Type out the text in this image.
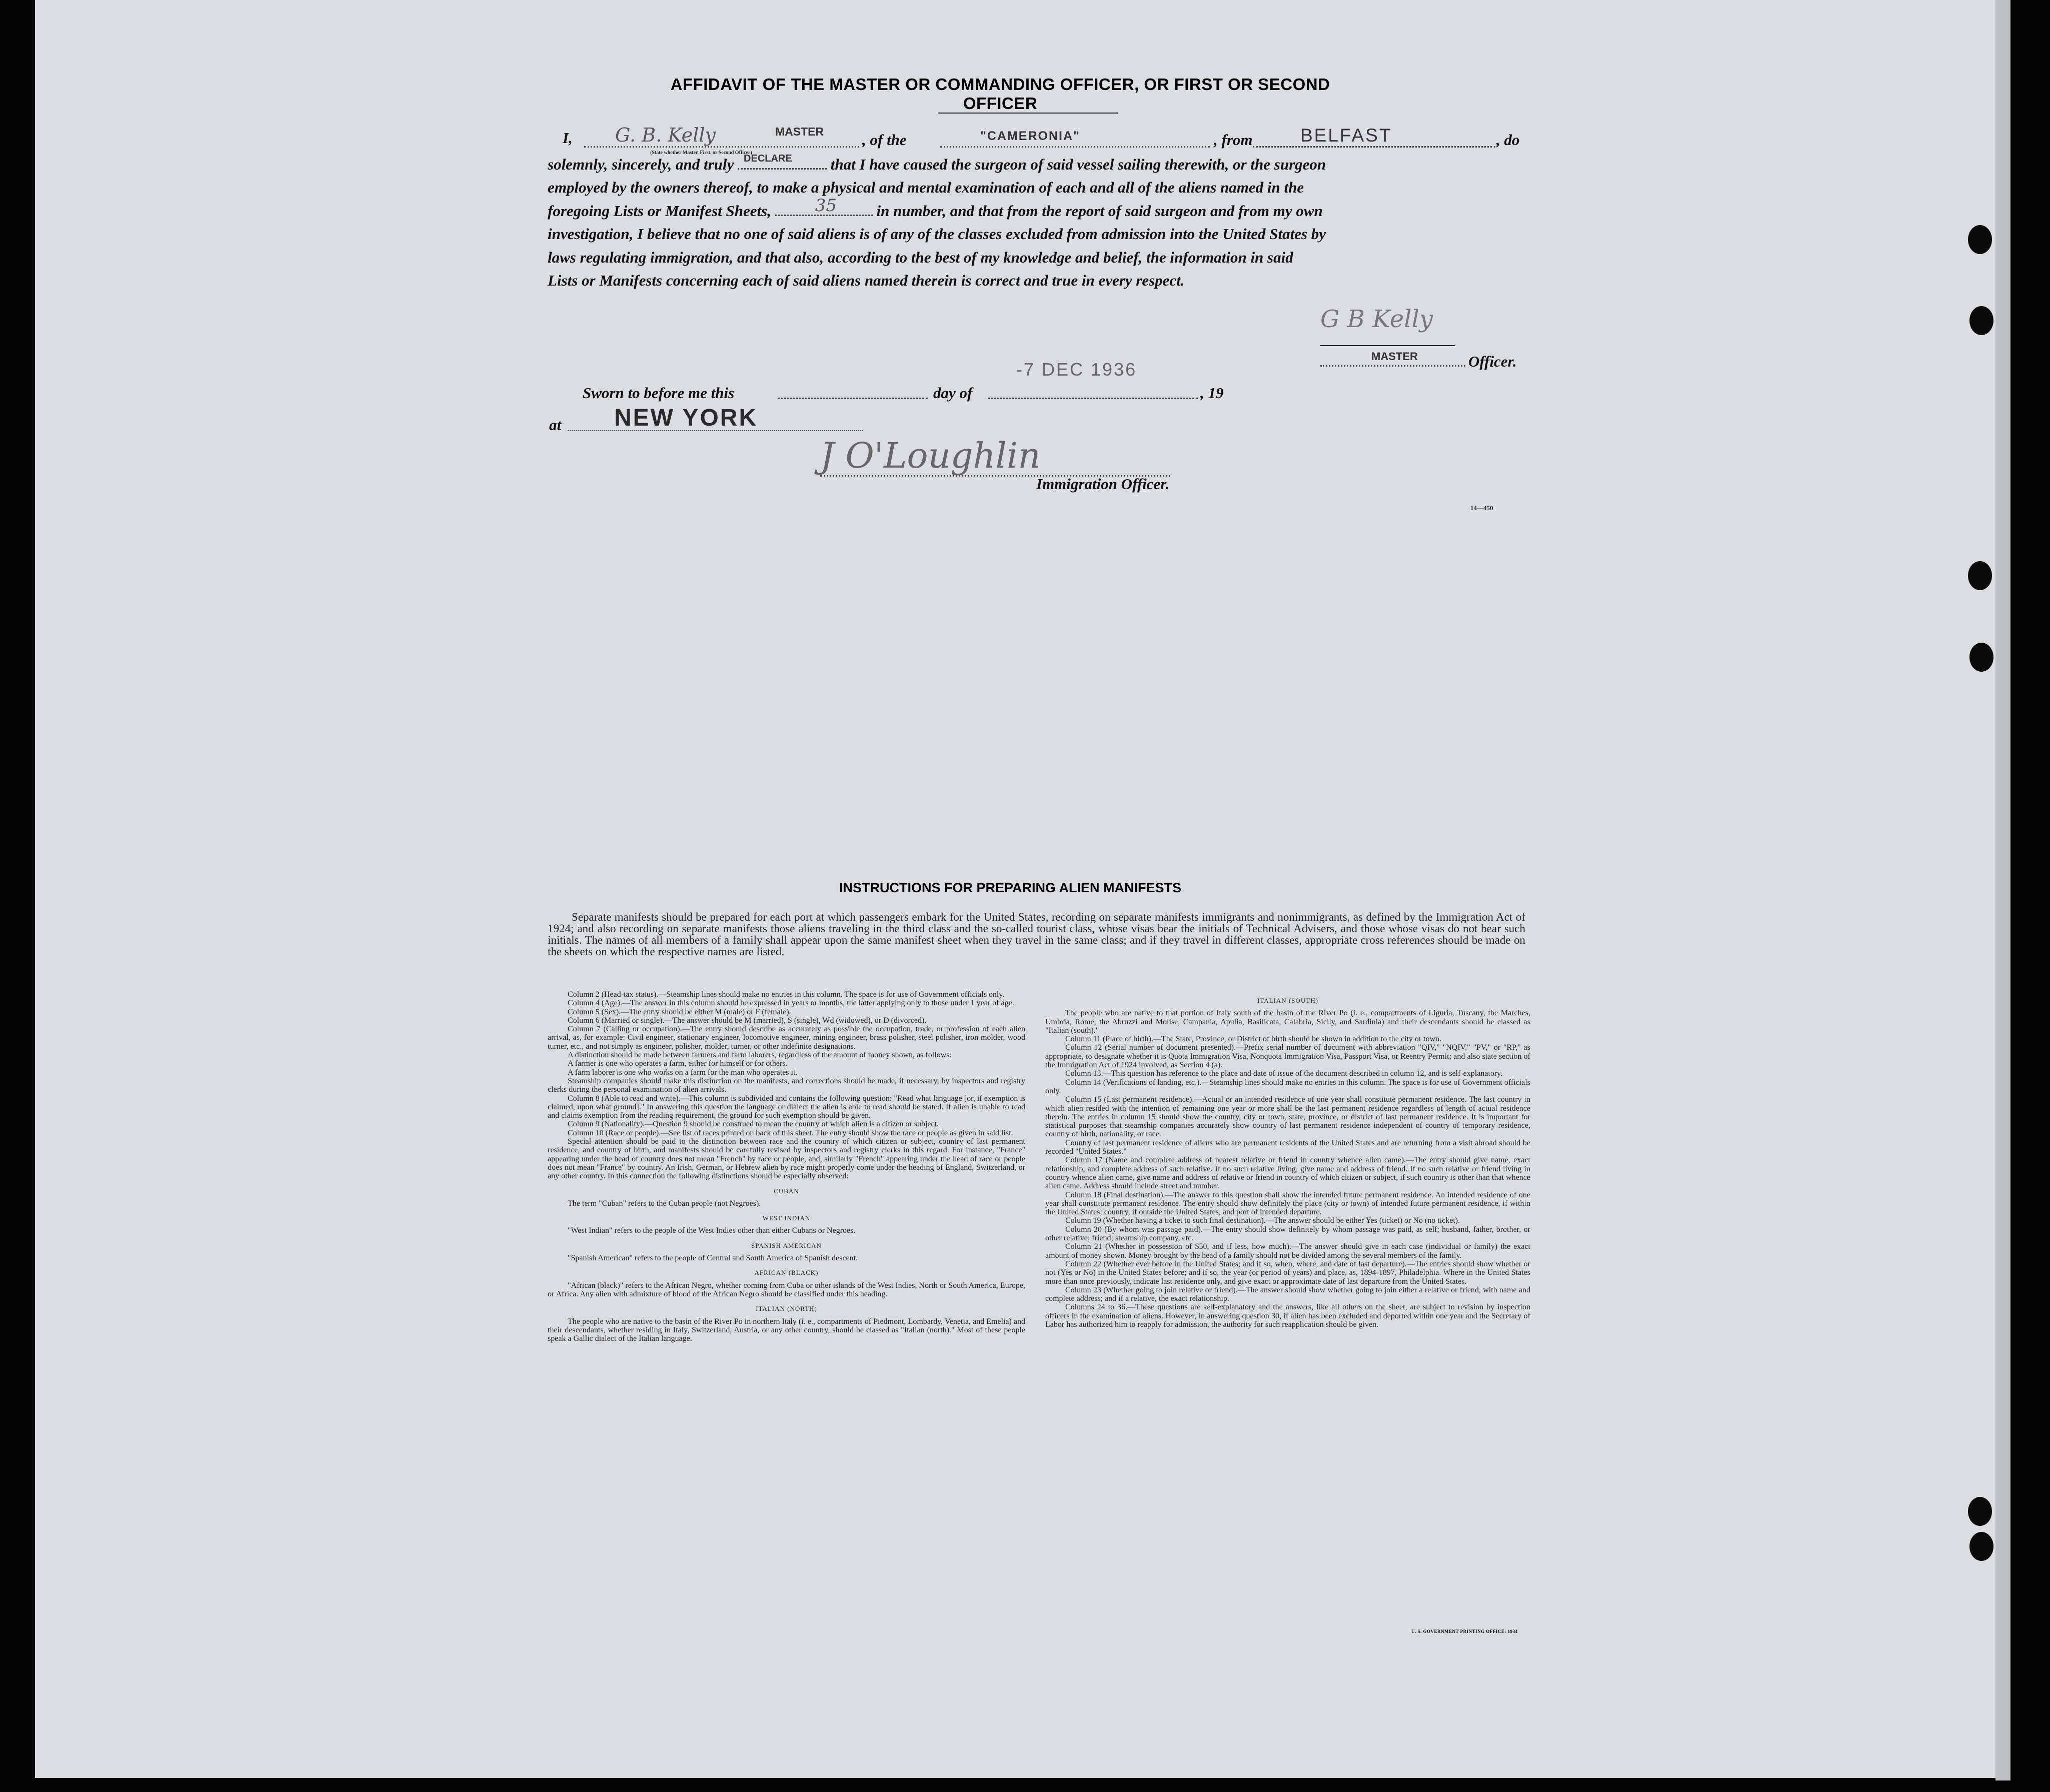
AFFIDAVIT OF THE MASTER OR COMMANDING OFFICER, OR FIRST OR SECOND OFFICER
I, G. B. Kelly	MASTER
(State whether Master, First, or Second Officer)
, of the	"CAMERONIA"	, from	BELFAST	, do
solemnly, sincerely, and truly DECLARE that I have caused the surgeon of said vessel sailing therewith, or the surgeon
employed by the owners thereof, to make a physical and mental examination of each and all of the aliens named in the
foregoing Lists or Manifest Sheets,	35	in number, and that from the report of said surgeon and from my own
investigation, I believe that no one of said aliens is of any of the classes excluded from admission into the United States by
laws regulating immigration, and that also, according to the best of my knowledge and belief, the information in said
Lists or Manifests concerning each of said aliens named therein is correct and true in every respect.
G B Kelly
MASTER	Officer.
Sworn to before me this	day of
-7 DEC 1936
, 19
at NEW YORK
J O'Loughlin
Immigration Officer.
14—450
INSTRUCTIONS FOR PREPARING ALIEN MANIFESTS
Separate manifests should be prepared for each port at which passengers embark for the United States, recording on separate manifests immigrants and nonimmigrants, as defined by the Immigration Act of 1924; and also recording on separate manifests those aliens traveling in the third class and the so-called tourist class, whose visas bear the initials of Technical Advisers, and those whose visas do not bear such initials. The names of all members of a family shall appear upon the same manifest sheet when they travel in the same class; and if they travel in different classes, appropriate cross references should be made on the sheets on which the respective names are listed.

Column 2 (Head-tax status).—Steamship lines should make no entries in this column. The space is for use of Government officials only.

Column 4 (Age).—The answer in this column should be expressed in years or months, the latter applying only to those under 1 year of age.

Column 5 (Sex).—The entry should be either M (male) or F (female).

Column 6 (Married or single).—The answer should be M (married), S (single), Wd (widowed), or D (divorced).

Column 7 (Calling or occupation).—The entry should describe as accurately as possible the occupation, trade, or profession of each alien arrival, as, for example: Civil engineer, stationary engineer, locomotive engineer, mining engineer, brass polisher, steel polisher, iron molder, wood turner, etc., and not simply as engineer, polisher, molder, turner, or other indefinite designations.

A distinction should be made between farmers and farm laborers, regardless of the amount of money shown, as follows:

A farmer is one who operates a farm, either for himself or for others.

A farm laborer is one who works on a farm for the man who operates it.

Steamship companies should make this distinction on the manifests, and corrections should be made, if necessary, by inspectors and registry clerks during the personal examination of alien arrivals.

Column 8 (Able to read and write).—This column is subdivided and contains the following question: "Read what language [or, if exemption is claimed, upon what ground]." In answering this question the language or dialect the alien is able to read should be stated. If alien is unable to read and claims exemption from the reading requirement, the ground for such exemption should be given.

Column 9 (Nationality).—Question 9 should be construed to mean the country of which alien is a citizen or subject.

Column 10 (Race or people).—See list of races printed on back of this sheet. The entry should show the race or people as given in said list.

Special attention should be paid to the distinction between race and the country of which citizen or subject, country of last permanent residence, and country of birth, and manifests should be carefully revised by inspectors and registry clerks in this regard. For instance, "France" appearing under the head of country does not mean "French" by race or people, and, similarly "French" appearing under the head of race or people does not mean "France" by country. An Irish, German, or Hebrew alien by race might properly come under the heading of England, Switzerland, or any other country. In this connection the following distinctions should be especially observed:

CUBAN

The term "Cuban" refers to the Cuban people (not Negroes).

WEST INDIAN

"West Indian" refers to the people of the West Indies other than either Cubans or Negroes.

SPANISH AMERICAN

"Spanish American" refers to the people of Central and South America of Spanish descent.

AFRICAN (BLACK)

"African (black)" refers to the African Negro, whether coming from Cuba or other islands of the West Indies, North or South America, Europe, or Africa. Any alien with admixture of blood of the African Negro should be classified under this heading.

ITALIAN (NORTH)

The people who are native to the basin of the River Po in northern Italy (i. e., compartments of Piedmont, Lombardy, Venetia, and Emelia) and their descendants, whether residing in Italy, Switzerland, Austria, or any other country, should be classed as "Italian (north)." Most of these people speak a Gallic dialect of the Italian language.

ITALIAN (SOUTH)

The people who are native to that portion of Italy south of the basin of the River Po (i. e., compartments of Liguria, Tuscany, the Marches, Umbria, Rome, the Abruzzi and Molise, Campania, Apulia, Basilicata, Calabria, Sicily, and Sardinia) and their descendants should be classed as "Italian (south)."

Column 11 (Place of birth).—The State, Province, or District of birth should be shown in addition to the city or town.

Column 12 (Serial number of document presented).—Prefix serial number of document with abbreviation "QIV," "NQIV," "PV," or "RP," as appropriate, to designate whether it is Quota Immigration Visa, Nonquota Immigration Visa, Passport Visa, or Reentry Permit; and also state section of the Immigration Act of 1924 involved, as Section 4 (a).

Column 13.—This question has reference to the place and date of issue of the document described in column 12, and is self-explanatory.

Column 14 (Verifications of landing, etc.).—Steamship lines should make no entries in this column. The space is for use of Government officials only.

Column 15 (Last permanent residence).—Actual or an intended residence of one year shall constitute permanent residence. The last country in which alien resided with the intention of remaining one year or more shall be the last permanent residence regardless of length of actual residence therein. The entries in column 15 should show the country, city or town, state, province, or district of last permanent residence. It is important for statistical purposes that steamship companies accurately show country of last permanent residence independent of country of temporary residence, country of birth, nationality, or race.

Country of last permanent residence of aliens who are permanent residents of the United States and are returning from a visit abroad should be recorded "United States."

Column 17 (Name and complete address of nearest relative or friend in country whence alien came).—The entry should give name, exact relationship, and complete address of such relative. If no such relative living, give name and address of friend. If no such relative or friend living in country whence alien came, give name and address of relative or friend in country of which citizen or subject, if such country is other than that whence alien came. Address should include street and number.

Column 18 (Final destination).—The answer to this question shall show the intended future permanent residence. An intended residence of one year shall constitute permanent residence. The entry should show definitely the place (city or town) of intended future permanent residence, if within the United States; country, if outside the United States, and port of intended departure.

Column 19 (Whether having a ticket to such final destination).—The answer should be either Yes (ticket) or No (no ticket).

Column 20 (By whom was passage paid).—The entry should show definitely by whom passage was paid, as self; husband, father, brother, or other relative; friend; steamship company, etc.

Column 21 (Whether in possession of $50, and if less, how much).—The answer should give in each case (individual or family) the exact amount of money shown. Money brought by the head of a family should not be divided among the several members of the family.

Column 22 (Whether ever before in the United States; and if so, when, where, and date of last departure).—The entries should show whether or not (Yes or No) in the United States before; and if so, the year (or period of years) and place, as, 1894-1897, Philadelphia. Where in the United States more than once previously, indicate last residence only, and give exact or approximate date of last departure from the United States.

Column 23 (Whether going to join relative or friend).—The answer should show whether going to join either a relative or friend, with name and complete address; and if a relative, the exact relationship.

Columns 24 to 36.—These questions are self-explanatory and the answers, like all others on the sheet, are subject to revision by inspection officers in the examination of aliens. However, in answering question 30, if alien has been excluded and deported within one year and the Secretary of Labor has authorized him to reapply for admission, the authority for such reapplication should be given.

U. S. GOVERNMENT PRINTING OFFICE: 1934
